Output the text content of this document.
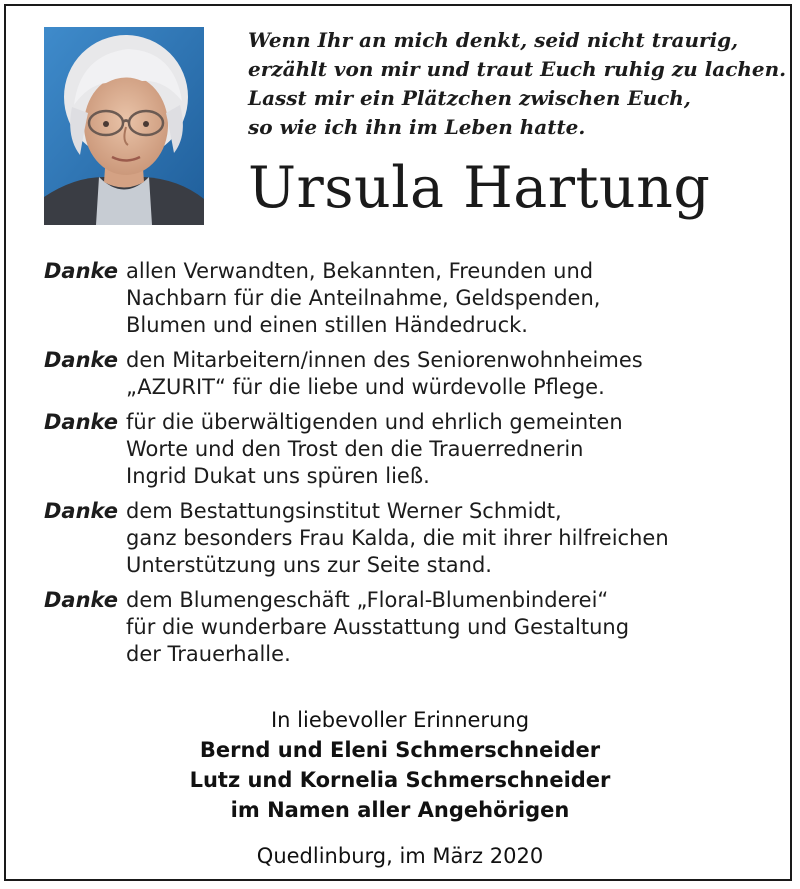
Wenn Ihr an mich denkt, seid nicht traurig,
erzählt von mir und traut Euch ruhig zu lachen.
Lasst mir ein Plätzchen zwischen Euch,
so wie ich ihn im Leben hatte.
Ursula Hartung
Danke allen Verwandten, Bekannten, Freunden und
Nachbarn für die Anteilnahme, Geldspenden,
Blumen und einen stillen Händedruck.
Danke den Mitarbeitern/innen des Seniorenwohnheimes
„AZURIT“ für die liebe und würdevolle Pflege.
Danke für die überwältigenden und ehrlich gemeinten
Worte und den Trost den die Trauerrednerin
Ingrid Dukat uns spüren ließ.
Danke dem Bestattungsinstitut Werner Schmidt,
ganz besonders Frau Kalda, die mit ihrer hilfreichen
Unterstützung uns zur Seite stand.
Danke dem Blumengeschäft „Floral-Blumenbinderei“
für die wunderbare Ausstattung und Gestaltung
der Trauerhalle.
In liebevoller Erinnerung
Bernd und Eleni Schmerschneider
Lutz und Kornelia Schmerschneider
im Namen aller Angehörigen
Quedlinburg, im März 2020
